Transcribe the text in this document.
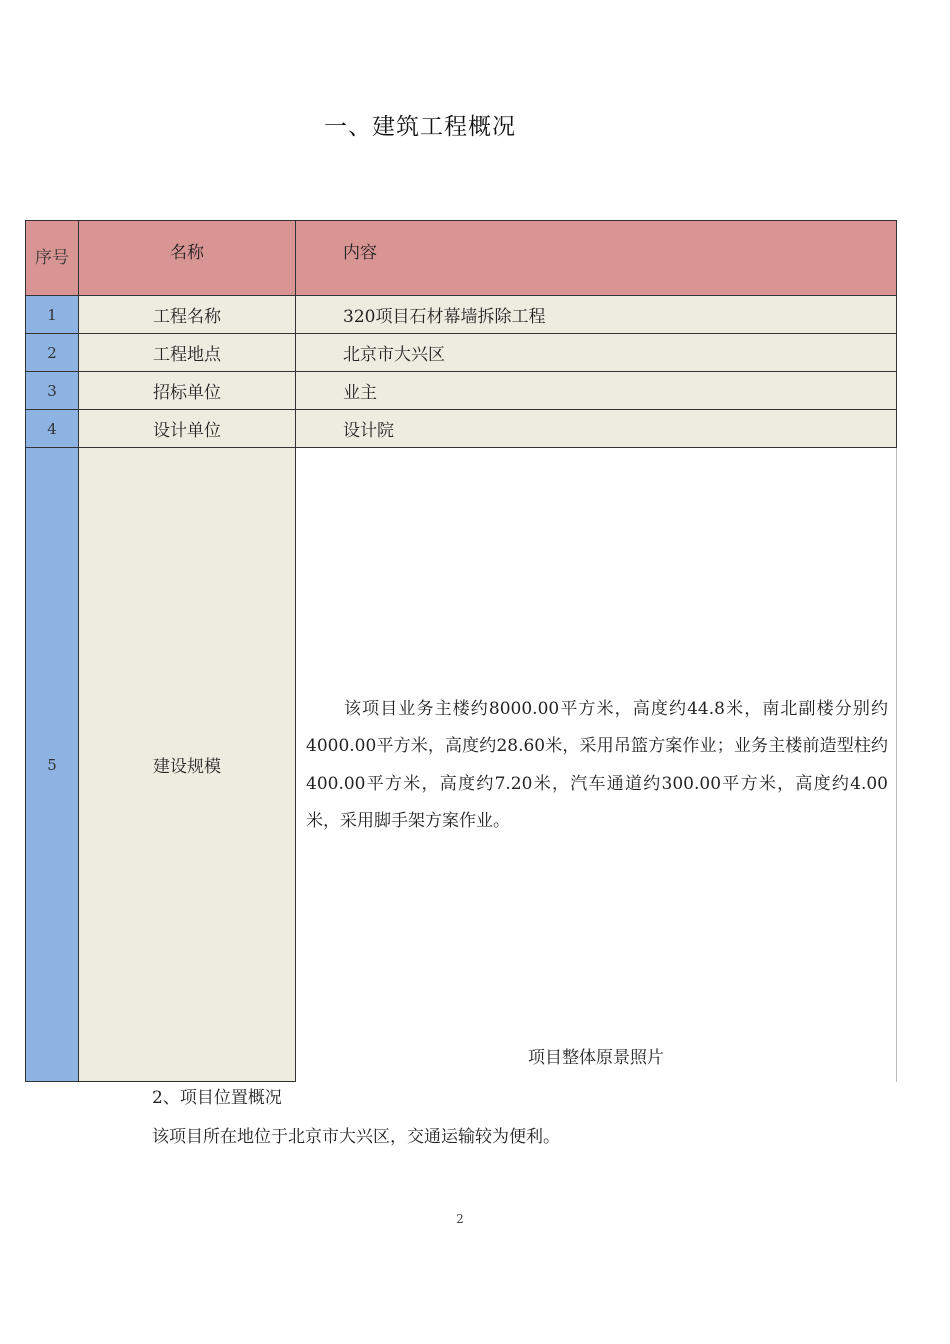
一、建筑工程概况
序号	名称	内容
1	工程名称	320项目石材幕墙拆除工程
2	工程地点	北京市大兴区
3	招标单位	业主
4	设计单位	设计院
5	建设规模	该项目业务主楼约8000.00平方米，高度约44.8米，南北副楼分别约4000.00平方米，高度约28.60米，采用吊篮方案作业；业务主楼前造型柱约400.00平方米，高度约7.20米，汽车通道约300.00平方米，高度约4.00米，采用脚手架方案作业。

项目整体原景照片
2、项目位置概况
该项目所在地位于北京市大兴区，交通运输较为便利。
2
